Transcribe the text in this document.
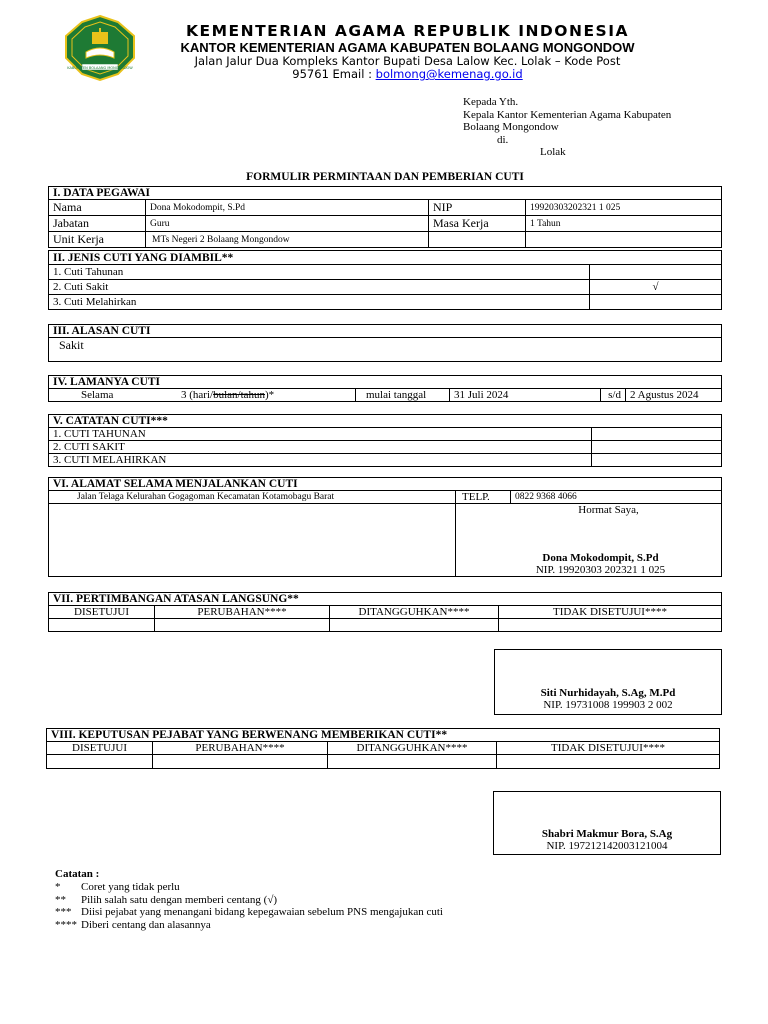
KABUPATEN BOLAANG MONGONDOW
KEMENTERIAN AGAMA REPUBLIK INDONESIA
KANTOR KEMENTERIAN AGAMA KABUPATEN BOLAANG MONGONDOW
Jalan Jalur Dua Kompleks Kantor Bupati Desa Lalow Kec. Lolak – Kode Post
95761 Email : bolmong@kemenag.go.id
Kepada Yth.
Kepala Kantor Kementerian Agama Kabupaten
Bolaang Mongondow
di.
Lolak
FORMULIR PERMINTAAN DAN PEMBERIAN CUTI
I. DATA PEGAWAI			
Nama	Dona Mokodompit, S.Pd	NIP	19920303202321 1 025
Jabatan	Guru	Masa Kerja	1 Tahun
Unit Kerja	MTs Negeri 2 Bolaang Mongondow		
II. JENIS CUTI YANG DIAMBIL**	
1. Cuti Tahunan	
2. Cuti Sakit	√
3. Cuti Melahirkan	
III. ALASAN CUTI
Sakit
IV. LAMANYA CUTI
Selama	3 (hari/bulan/tahun)*	mulai tanggal	31 Juli 2024	s/d	2 Agustus 2024
V. CATATAN CUTI***	
1. CUTI TAHUNAN	
2. CUTI SAKIT	
3. CUTI MELAHIRKAN	
VI. ALAMAT SELAMA MENJALANKAN CUTI		
Jalan Telaga Kelurahan Gogagoman Kecamatan Kotamobagu Barat	TELP.	0822 9368 4066

	Hormat Saya,
Dona Mokodompit, S.Pd
NIP. 19920303 202321 1 025	
VII. PERTIMBANGAN ATASAN LANGSUNG**			
DISETUJUI	PERUBAHAN****	DITANGGUHKAN****	TIDAK DISETUJUI****

Siti Nurhidayah, S.Ag, M.Pd
NIP. 19731008 199903 2 002
VIII. KEPUTUSAN PEJABAT YANG BERWENANG MEMBERIKAN CUTI**			
DISETUJUI	PERUBAHAN****	DITANGGUHKAN****	TIDAK DISETUJUI****

Shabri Makmur Bora, S.Ag
NIP. 197212142003121004
Catatan :
* Coret yang tidak perlu
** Pilih salah satu dengan memberi centang (√)
*** Diisi pejabat yang menangani bidang kepegawaian sebelum PNS mengajukan cuti
**** Diberi centang dan alasannya
